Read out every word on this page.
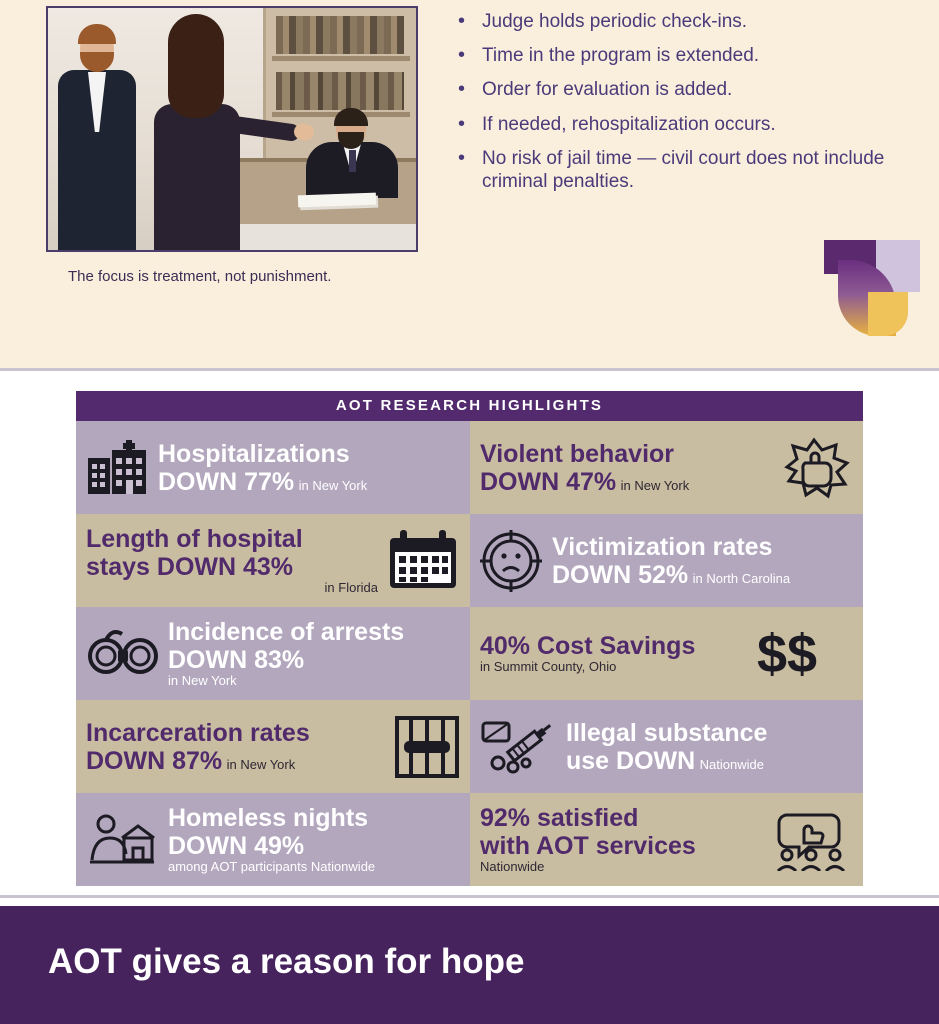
The focus is treatment, not punishment.
• Judge holds periodic check-ins.
• Time in the program is extended.
• Order for evaluation is added.
• If needed, rehospitalization occurs.
• No risk of jail time — civil court does not include criminal penalties.
AOT RESEARCH HIGHLIGHTS
Hospitalizations
DOWN 77% in New York
Violent behavior
DOWN 47% in New York
Length of hospital
stays DOWN 43%
in Florida
Victimization rates
DOWN 52% in North Carolina
Incidence of arrests
DOWN 83%
in New York
40% Cost Savings
in Summit County, Ohio	$$
Incarceration rates
DOWN 87% in New York
Illegal substance
use DOWN Nationwide
Homeless nights
DOWN 49%
among AOT participants Nationwide
92% satisfied
with AOT services
Nationwide
AOT gives a reason for hope
